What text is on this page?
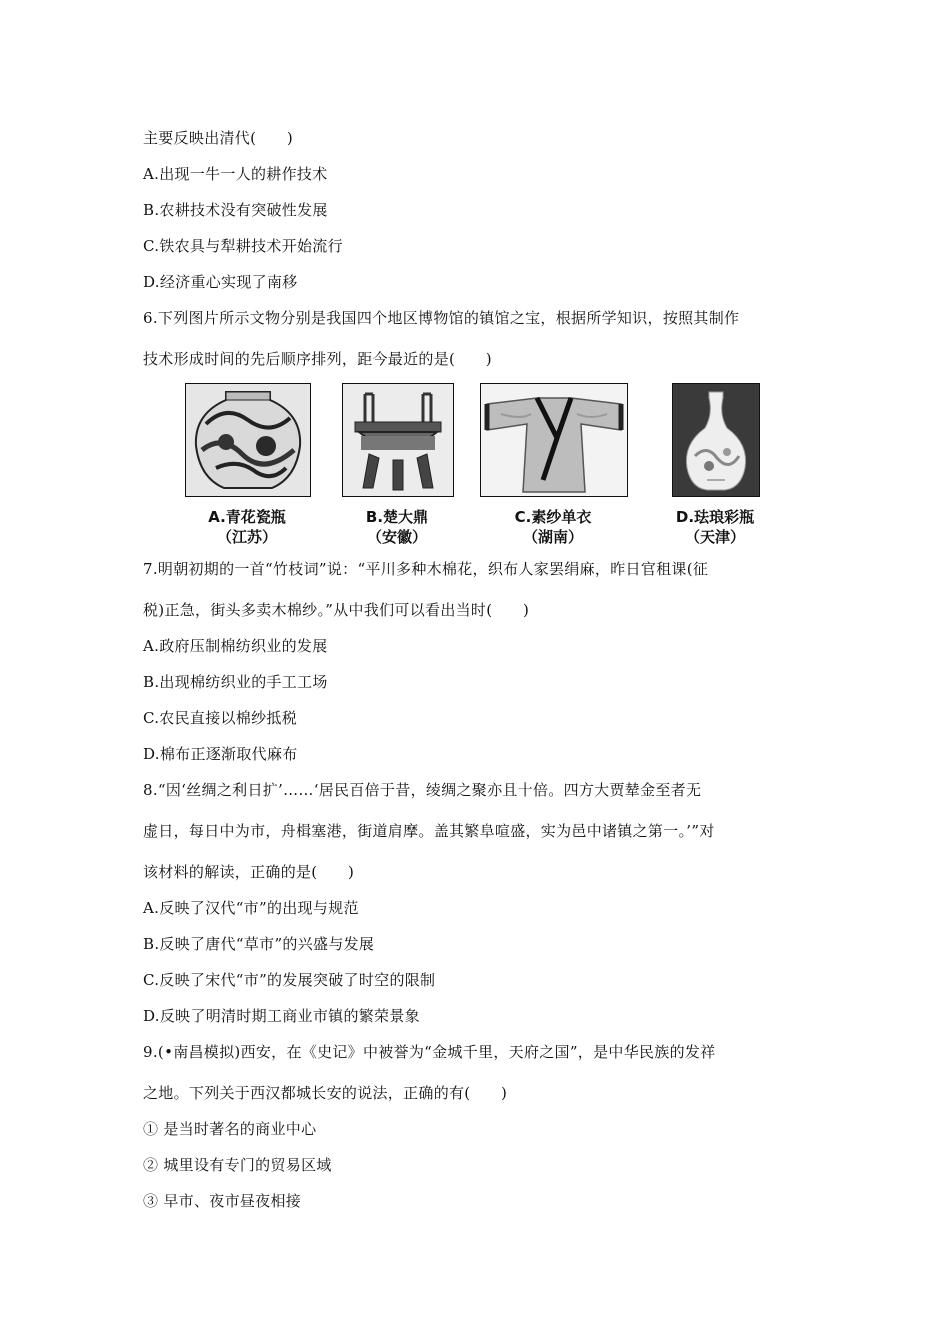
主要反映出清代(　　)
A.出现一牛一人的耕作技术
B.农耕技术没有突破性发展
C.铁农具与犁耕技术开始流行
D.经济重心实现了南移
6.下列图片所示文物分别是我国四个地区博物馆的镇馆之宝，根据所学知识，按照其制作
技术形成时间的先后顺序排列，距今最近的是(　　)
A.青花瓷瓶
（江苏）
B.楚大鼎
（安徽）
C.素纱单衣
（湖南）
D.珐琅彩瓶
（天津）
7.明朝初期的一首“竹枝词”说：“平川多种木棉花，织布人家罢绢麻，昨日官租课(征
税)正急，街头多卖木棉纱。”从中我们可以看出当时(　　)
A.政府压制棉纺织业的发展
B.出现棉纺织业的手工工场
C.农民直接以棉纱抵税
D.棉布正逐渐取代麻布
8.“因‘丝绸之利日扩’……‘居民百倍于昔，绫绸之聚亦且十倍。四方大贾辇金至者无
虚日，每日中为市，舟楫塞港，街道肩摩。盖其繁阜喧盛，实为邑中诸镇之第一。’”对
该材料的解读，正确的是(　　)
A.反映了汉代“市”的出现与规范
B.反映了唐代“草市”的兴盛与发展
C.反映了宋代“市”的发展突破了时空的限制
D.反映了明清时期工商业市镇的繁荣景象
9.(•南昌模拟)西安，在《史记》中被誉为“金城千里，天府之国”，是中华民族的发祥
之地。下列关于西汉都城长安的说法，正确的有(　　)
① 是当时著名的商业中心
② 城里设有专门的贸易区域
③ 早市、夜市昼夜相接
